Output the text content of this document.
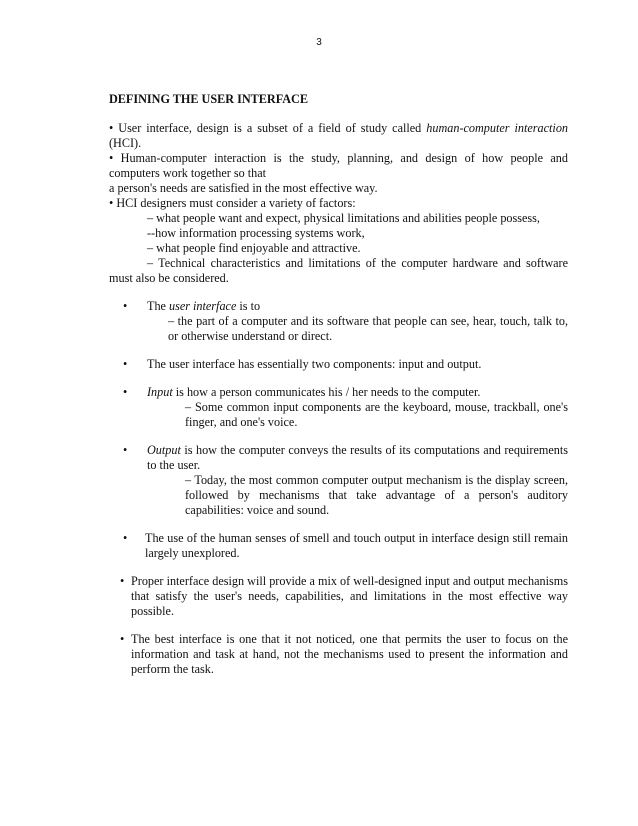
3
DEFINING THE USER INTERFACE

• User interface, design is a subset of a field of study called human-computer interaction (HCI).

• Human-computer interaction is the study, planning, and design of how people and computers work together so that

a person's needs are satisfied in the most effective way.

• HCI designers must consider a variety of factors:

– what people want and expect, physical limitations and abilities people possess,

--how information processing systems work,

– what people find enjoyable and attractive.

– Technical characteristics and limitations of the computer hardware and software must also be considered.

• The user interface is to
– the part of a computer and its software that people can see, hear, touch, talk to, or otherwise understand or direct.
• The user interface has essentially two components: input and output.
• Input is how a person communicates his / her needs to the computer.
– Some common input components are the keyboard, mouse, trackball, one's finger, and one's voice.
• Output is how the computer conveys the results of its computations and requirements to the user.
– Today, the most common computer output mechanism is the display screen, followed by mechanisms that take advantage of a person's auditory capabilities: voice and sound.
• The use of the human senses of smell and touch output in interface design still remain largely unexplored.
• Proper interface design will provide a mix of well-designed input and output mechanisms that satisfy the user's needs, capabilities, and limitations in the most effective way possible.
• The best interface is one that it not noticed, one that permits the user to focus on the information and task at hand, not the mechanisms used to present the information and perform the task.
